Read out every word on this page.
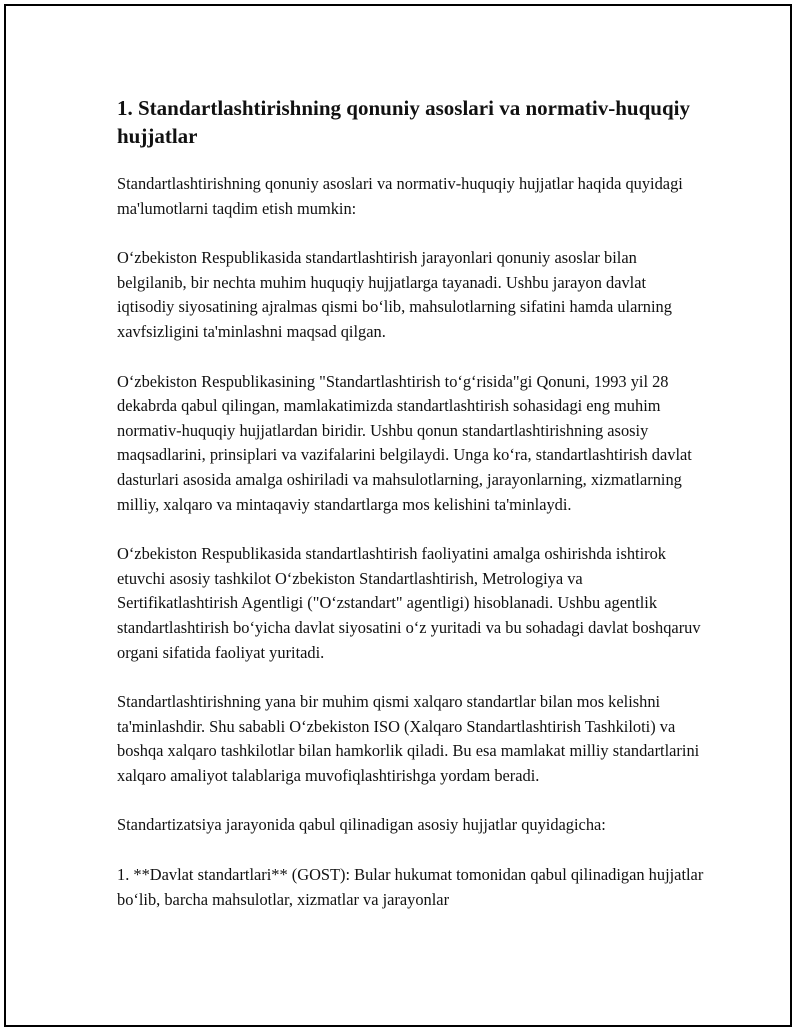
1. Standartlashtirishning qonuniy asoslari va normativ-huquqiy hujjatlar

Standartlashtirishning qonuniy asoslari va normativ-huquqiy hujjatlar haqida quyidagi ma'lumotlarni taqdim etish mumkin:

O‘zbekiston Respublikasida standartlashtirish jarayonlari qonuniy asoslar bilan belgilanib, bir nechta muhim huquqiy hujjatlarga tayanadi. Ushbu jarayon davlat iqtisodiy siyosatining ajralmas qismi bo‘lib, mahsulotlarning sifatini hamda ularning xavfsizligini ta'minlashni maqsad qilgan.

O‘zbekiston Respublikasining "Standartlashtirish to‘g‘risida"gi Qonuni, 1993 yil 28 dekabrda qabul qilingan, mamlakatimizda standartlashtirish sohasidagi eng muhim normativ-huquqiy hujjatlardan biridir. Ushbu qonun standartlashtirishning asosiy maqsadlarini, prinsiplari va vazifalarini belgilaydi. Unga ko‘ra, standartlashtirish davlat dasturlari asosida amalga oshiriladi va mahsulotlarning, jarayonlarning, xizmatlarning milliy, xalqaro va mintaqaviy standartlarga mos kelishini ta'minlaydi.

O‘zbekiston Respublikasida standartlashtirish faoliyatini amalga oshirishda ishtirok etuvchi asosiy tashkilot O‘zbekiston Standartlashtirish, Metrologiya va Sertifikatlashtirish Agentligi ("O‘zstandart" agentligi) hisoblanadi. Ushbu agentlik standartlashtirish bo‘yicha davlat siyosatini o‘z yuritadi va bu sohadagi davlat boshqaruv organi sifatida faoliyat yuritadi.

Standartlashtirishning yana bir muhim qismi xalqaro standartlar bilan mos kelishni ta'minlashdir. Shu sababli O‘zbekiston ISO (Xalqaro Standartlashtirish Tashkiloti) va boshqa xalqaro tashkilotlar bilan hamkorlik qiladi. Bu esa mamlakat milliy standartlarini xalqaro amaliyot talablariga muvofiqlashtirishga yordam beradi.

Standartizatsiya jarayonida qabul qilinadigan asosiy hujjatlar quyidagicha:

1. **Davlat standartlari** (GOST): Bular hukumat tomonidan qabul qilinadigan hujjatlar bo‘lib, barcha mahsulotlar, xizmatlar va jarayonlar
